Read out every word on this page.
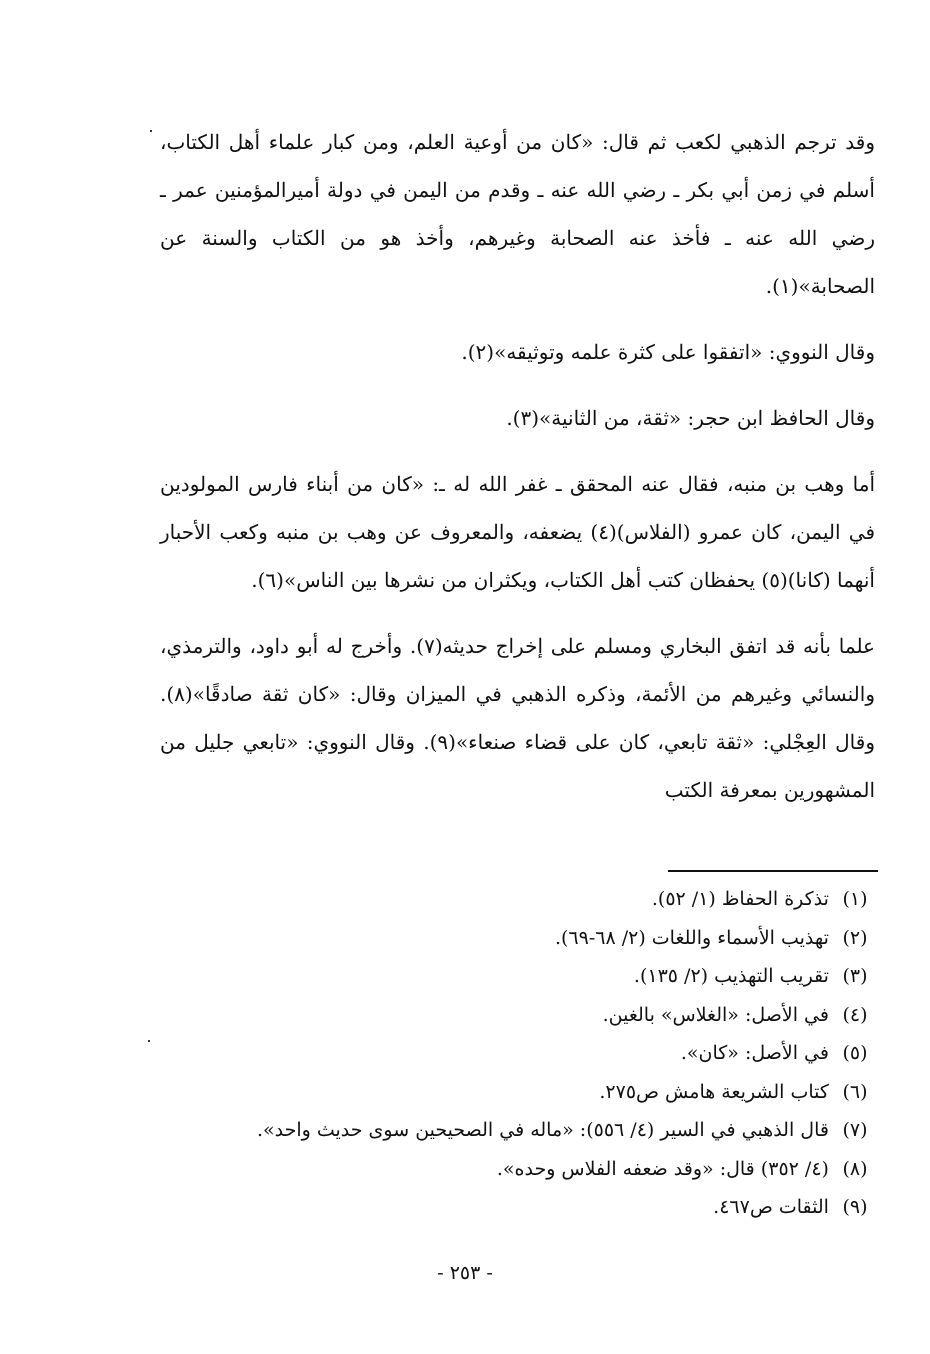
وقد ترجم الذهبي لكعب ثم قال: «كان من أوعية العلم، ومن كبار علماء أهل الكتاب، أسلم في زمن أبي بكر ـ رضي الله عنه ـ وقدم من اليمن في دولة أميرالمؤمنين عمر ـ رضي الله عنه ـ فأخذ عنه الصحابة وغيرهم، وأخذ هو من الكتاب والسنة عن الصحابة»(١).

وقال النووي: «اتفقوا على كثرة علمه وتوثيقه»(٢).

وقال الحافظ ابن حجر: «ثقة، من الثانية»(٣).

أما وهب بن منبه، فقال عنه المحقق ـ غفر الله له ـ: «كان من أبناء فارس المولودين في اليمن، كان عمرو (الفلاس)(٤) يضعفه، والمعروف عن وهب بن منبه وكعب الأحبار أنهما (كانا)(٥) يحفظان كتب أهل الكتاب، ويكثران من نشرها بين الناس»(٦).

علما بأنه قد اتفق البخاري ومسلم على إخراج حديثه(٧). وأخرج له أبو داود، والترمذي، والنسائي وغيرهم من الأئمة، وذكره الذهبي في الميزان وقال: «كان ثقة صادقًا»(٨). وقال العِجْلي: «ثقة تابعي، كان على قضاء صنعاء»(٩). وقال النووي: «تابعي جليل من المشهورين بمعرفة الكتب

(١) تذكرة الحفاظ (١/ ٥٢).

(٢) تهذيب الأسماء واللغات (٢/ ٦٨-٦٩).

(٣) تقريب التهذيب (٢/ ١٣٥).

(٤) في الأصل: «الغلاس» بالغين.

(٥) في الأصل: «كان».

(٦) كتاب الشريعة هامش ص٢٧٥.

(٧) قال الذهبي في السير (٤/ ٥٥٦): «ماله في الصحيحين سوى حديث واحد».

(٨) (٤/ ٣٥٢) قال: «وقد ضعفه الفلاس وحده».

(٩) الثقات ص٤٦٧.

- ٢٥٣ -
